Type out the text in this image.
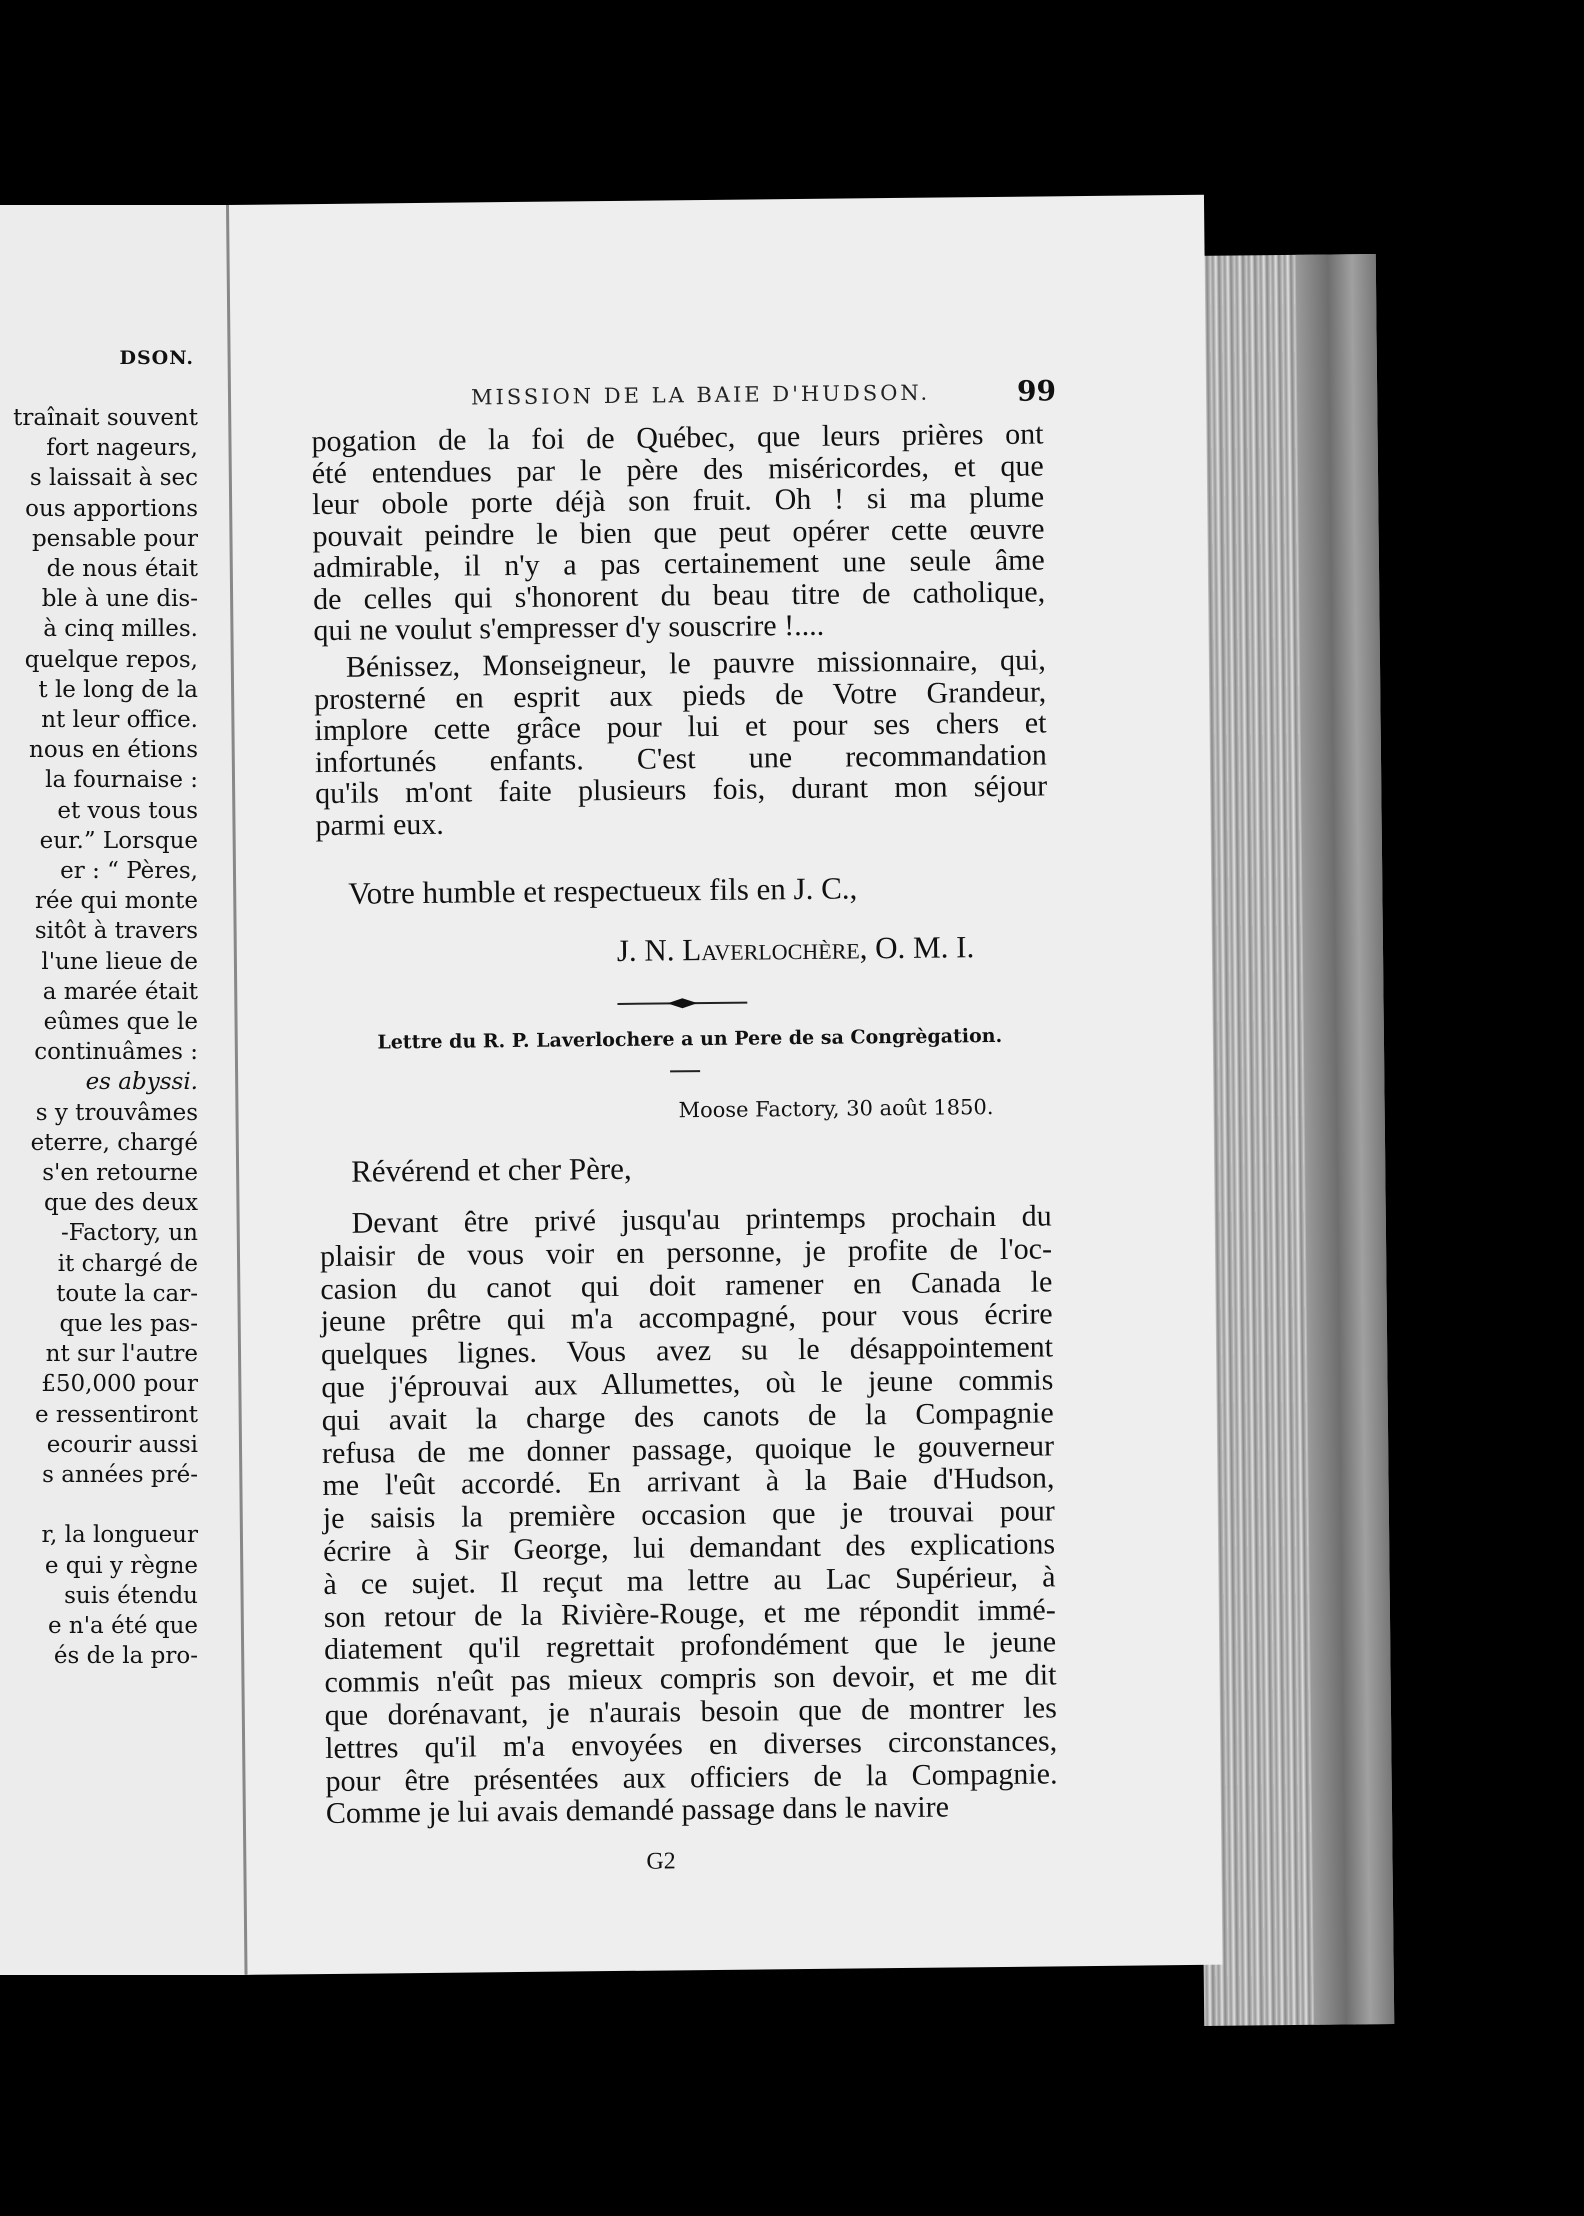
DSON.
traînait souvent
fort nageurs,
s laissait à sec
ous apportions
pensable pour
de nous était
ble à une dis-
à cinq milles.
quelque repos,
t le long de la
nt leur office.
nous en étions
la fournaise :
et vous tous
eur.” Lorsque
er : “ Pères,
rée qui monte
sitôt à travers
l'une lieue de
a marée était
eûmes que le
continuâmes :
es abyssi.
s y trouvâmes
eterre, chargé
s'en retourne
que des deux
-Factory, un
it chargé de
toute la car-
que les pas-
nt sur l'autre
£50,000 pour
e ressentiront
ecourir aussi
s années pré-
r, la longueur
e qui y règne
suis étendu
e n'a été que
és de la pro-
MISSION DE LA BAIE D'HUDSON.	99
pogation de la foi de Québec, que leurs prières ont
été entendues par le père des miséricordes, et que
leur obole porte déjà son fruit. Oh ! si ma plume
pouvait peindre le bien que peut opérer cette œuvre
admirable, il n'y a pas certainement une seule âme
de celles qui s'honorent du beau titre de catholique,
qui ne voulut s'empresser d'y souscrire !....
Bénissez, Monseigneur, le pauvre missionnaire, qui,
prosterné en esprit aux pieds de Votre Grandeur,
implore cette grâce pour lui et pour ses chers et
infortunés enfants. C'est une recommandation
qu'ils m'ont faite plusieurs fois, durant mon séjour
parmi eux.
Votre humble et respectueux fils en J. C.,
J. N. Laverlochère, O. M. I.
Lettre du R. P. Laverlochere a un Pere de sa Congrègation.
Moose Factory, 30 août 1850.
Révérend et cher Père,
Devant être privé jusqu'au printemps prochain du
plaisir de vous voir en personne, je profite de l'oc-
casion du canot qui doit ramener en Canada le
jeune prêtre qui m'a accompagné, pour vous écrire
quelques lignes. Vous avez su le désappointement
que j'éprouvai aux Allumettes, où le jeune commis
qui avait la charge des canots de la Compagnie
refusa de me donner passage, quoique le gouverneur
me l'eût accordé. En arrivant à la Baie d'Hudson,
je saisis la première occasion que je trouvai pour
écrire à Sir George, lui demandant des explications
à ce sujet. Il reçut ma lettre au Lac Supérieur, à
son retour de la Rivière-Rouge, et me répondit immé-
diatement qu'il regrettait profondément que le jeune
commis n'eût pas mieux compris son devoir, et me dit
que dorénavant, je n'aurais besoin que de montrer les
lettres qu'il m'a envoyées en diverses circonstances,
pour être présentées aux officiers de la Compagnie.
Comme je lui avais demandé passage dans le navire
G2
